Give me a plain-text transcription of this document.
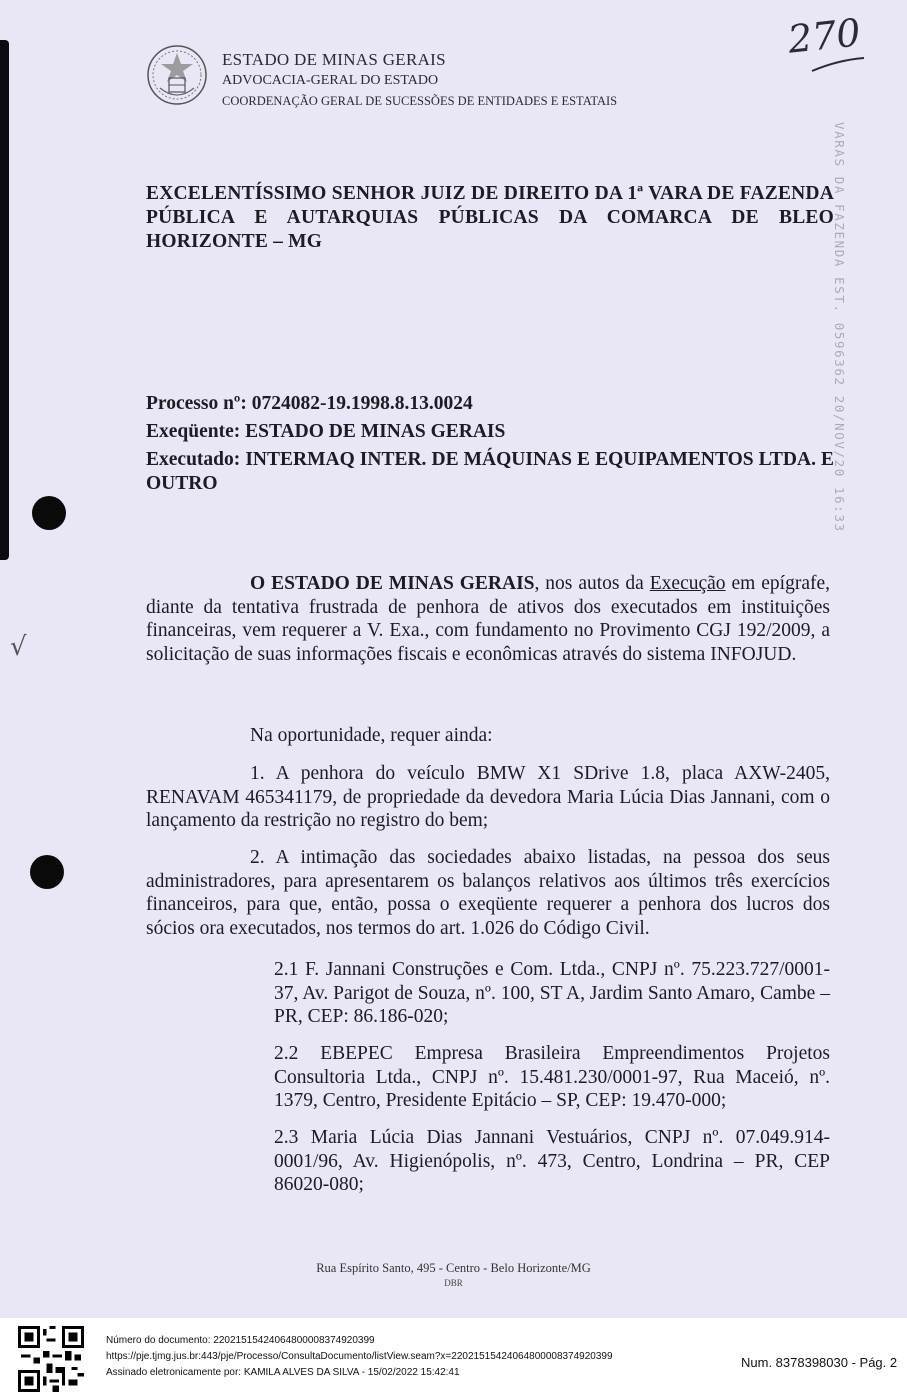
√
ESTADO DE MINAS GERAIS
ADVOCACIA-GERAL DO ESTADO
COORDENAÇÃO GERAL DE SUCESSÕES DE ENTIDADES E ESTATAIS
270
VARAS DA FAZENDA EST. 0596362 20/NOV/20 16:33
EXCELENTÍSSIMO SENHOR JUIZ DE DIREITO DA 1ª VARA DE FAZENDA PÚBLICA E AUTARQUIAS PÚBLICAS DA COMARCA DE BLEO HORIZONTE – MG
Processo nº: 0724082-19.1998.8.13.0024
Exeqüente: ESTADO DE MINAS GERAIS
Executado: INTERMAQ INTER. DE MÁQUINAS E EQUIPAMENTOS LTDA. E OUTRO
O ESTADO DE MINAS GERAIS, nos autos da Execução em epígrafe, diante da tentativa frustrada de penhora de ativos dos executados em instituições financeiras, vem requerer a V. Exa., com fundamento no Provimento CGJ 192/2009, a solicitação de suas informações fiscais e econômicas através do sistema INFOJUD.
Na oportunidade, requer ainda:
1. A penhora do veículo BMW X1 SDrive 1.8, placa AXW-2405, RENAVAM 465341179, de propriedade da devedora Maria Lúcia Dias Jannani, com o lançamento da restrição no registro do bem;
2. A intimação das sociedades abaixo listadas, na pessoa dos seus administradores, para apresentarem os balanços relativos aos últimos três exercícios financeiros, para que, então, possa o exeqüente requerer a penhora dos lucros dos sócios ora executados, nos termos do art. 1.026 do Código Civil.
2.1 F. Jannani Construções e Com. Ltda., CNPJ nº. 75.223.727/0001-37, Av. Parigot de Souza, nº. 100, ST A, Jardim Santo Amaro, Cambe – PR, CEP: 86.186-020;
2.2 EBEPEC Empresa Brasileira Empreendimentos Projetos Consultoria Ltda., CNPJ nº. 15.481.230/0001-97, Rua Maceió, nº. 1379, Centro, Presidente Epitácio – SP, CEP: 19.470-000;
2.3 Maria Lúcia Dias Jannani Vestuários, CNPJ nº. 07.049.914-0001/96, Av. Higienópolis, nº. 473, Centro, Londrina – PR, CEP 86020-080;
Rua Espírito Santo, 495 - Centro - Belo Horizonte/MG
DBR
Número do documento: 22021515424064800008374920399
https://pje.tjmg.jus.br:443/pje/Processo/ConsultaDocumento/listView.seam?x=22021515424064800008374920399
Assinado eletronicamente por: KAMILA ALVES DA SILVA - 15/02/2022 15:42:41
Num. 8378398030 - Pág. 2
